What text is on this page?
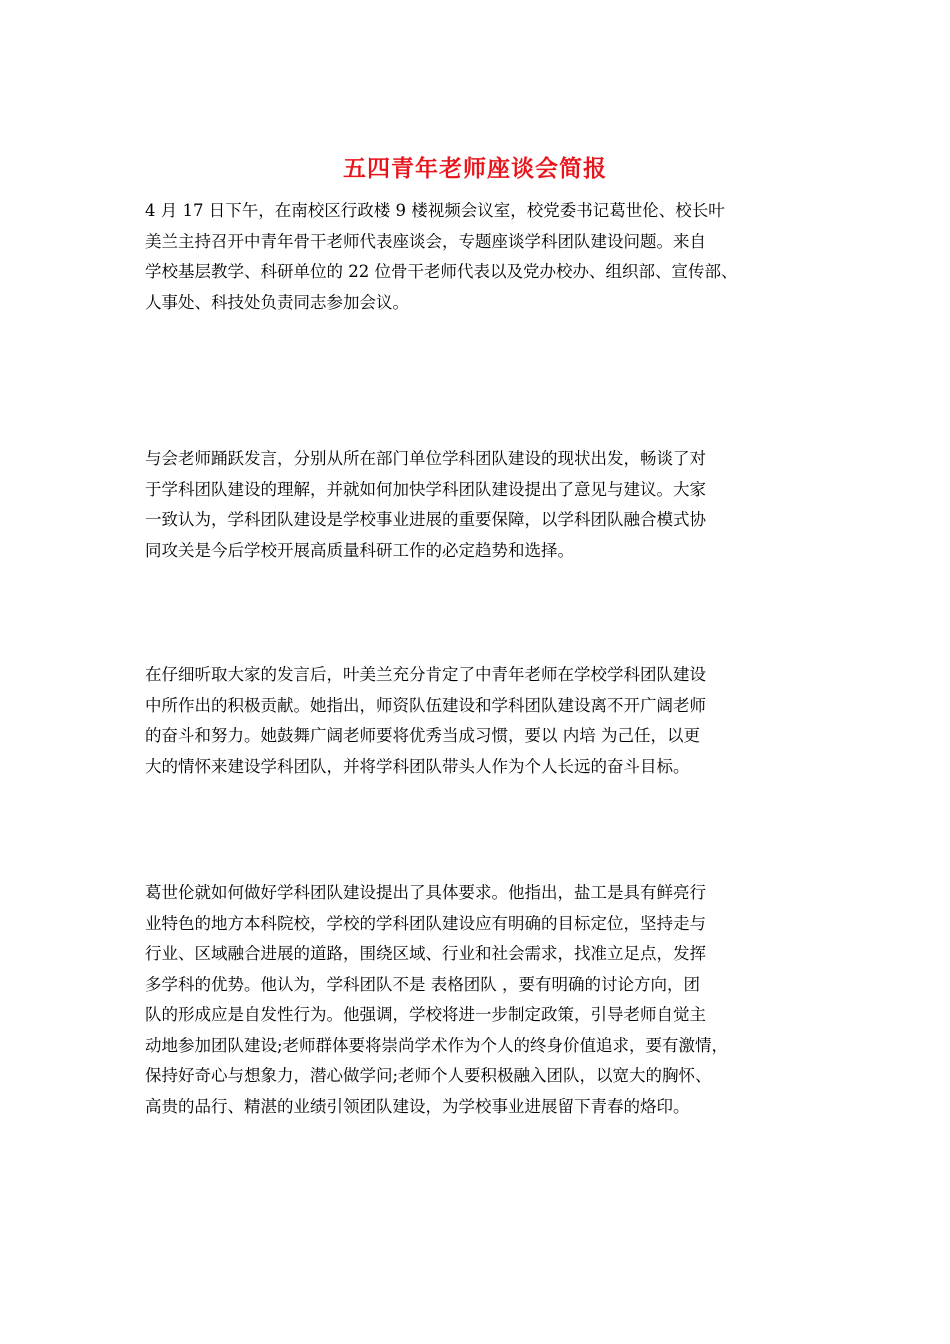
五四青年老师座谈会简报
4 月 17 日下午，在南校区行政楼 9 楼视频会议室，校党委书记葛世伦、校长叶
美兰主持召开中青年骨干老师代表座谈会，专题座谈学科团队建设问题。来自
学校基层教学、科研单位的 22 位骨干老师代表以及党办校办、组织部、宣传部、
人事处、科技处负责同志参加会议。
与会老师踊跃发言，分别从所在部门单位学科团队建设的现状出发，畅谈了对
于学科团队建设的理解，并就如何加快学科团队建设提出了意见与建议。大家
一致认为，学科团队建设是学校事业进展的重要保障，以学科团队融合模式协
同攻关是今后学校开展高质量科研工作的必定趋势和选择。
在仔细听取大家的发言后，叶美兰充分肯定了中青年老师在学校学科团队建设
中所作出的积极贡献。她指出，师资队伍建设和学科团队建设离不开广阔老师
的奋斗和努力。她鼓舞广阔老师要将优秀当成习惯，要以 内培 为己任，以更
大的情怀来建设学科团队，并将学科团队带头人作为个人长远的奋斗目标。
葛世伦就如何做好学科团队建设提出了具体要求。他指出，盐工是具有鲜亮行
业特色的地方本科院校，学校的学科团队建设应有明确的目标定位，坚持走与
行业、区域融合进展的道路，围绕区域、行业和社会需求，找准立足点，发挥
多学科的优势。他认为，学科团队不是 表格团队 ，要有明确的讨论方向，团
队的形成应是自发性行为。他强调，学校将进一步制定政策，引导老师自觉主
动地参加团队建设;老师群体要将崇尚学术作为个人的终身价值追求，要有激情，
保持好奇心与想象力，潜心做学问;老师个人要积极融入团队，以宽大的胸怀、
高贵的品行、精湛的业绩引领团队建设，为学校事业进展留下青春的烙印。
